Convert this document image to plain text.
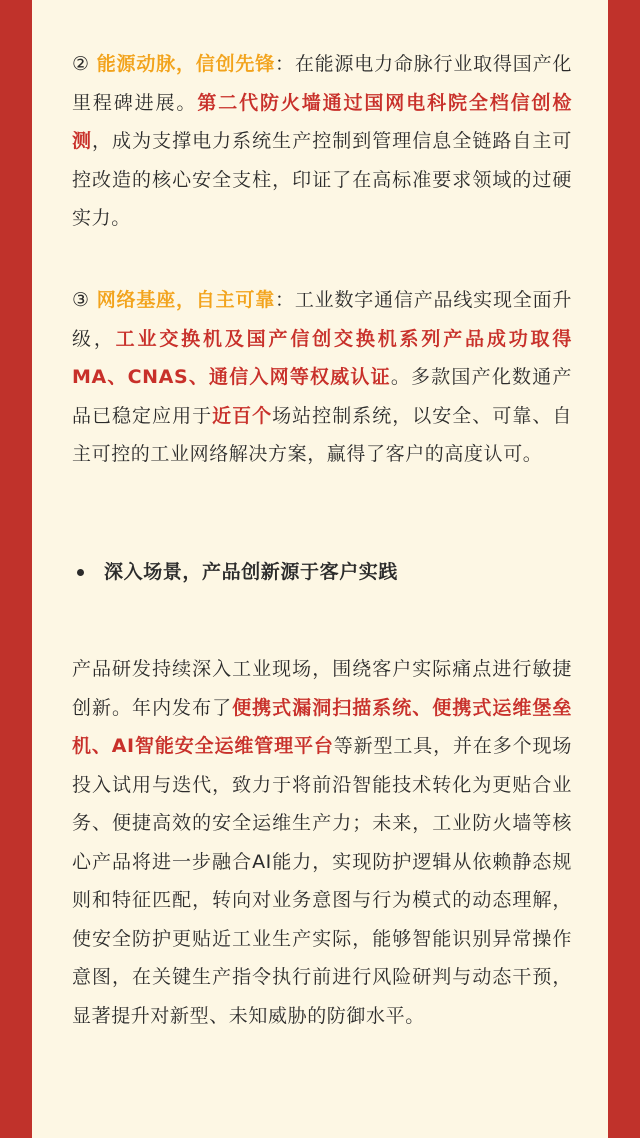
② 能源动脉，信创先锋：在能源电力命脉行业取得国产化里程碑进展。第二代防火墙通过国网电科院全档信创检测，成为支撑电力系统生产控制到管理信息全链路自主可控改造的核心安全支柱，印证了在高标准要求领域的过硬实力。

③ 网络基座，自主可靠：工业数字通信产品线实现全面升级，工业交换机及国产信创交换机系列产品成功取得MA、CNAS、通信入网等权威认证。多款国产化数通产品已稳定应用于近百个场站控制系统，以安全、可靠、自主可控的工业网络解决方案，赢得了客户的高度认可。

深入场景，产品创新源于客户实践

产品研发持续深入工业现场，围绕客户实际痛点进行敏捷创新。年内发布了便携式漏洞扫描系统、便携式运维堡垒机、AI智能安全运维管理平台等新型工具，并在多个现场投入试用与迭代，致力于将前沿智能技术转化为更贴合业务、便捷高效的安全运维生产力；未来，工业防火墙等核心产品将进一步融合AI能力，实现防护逻辑从依赖静态规则和特征匹配，转向对业务意图与行为模式的动态理解，使安全防护更贴近工业生产实际，能够智能识别异常操作意图，在关键生产指令执行前进行风险研判与动态干预，显著提升对新型、未知威胁的防御水平。
